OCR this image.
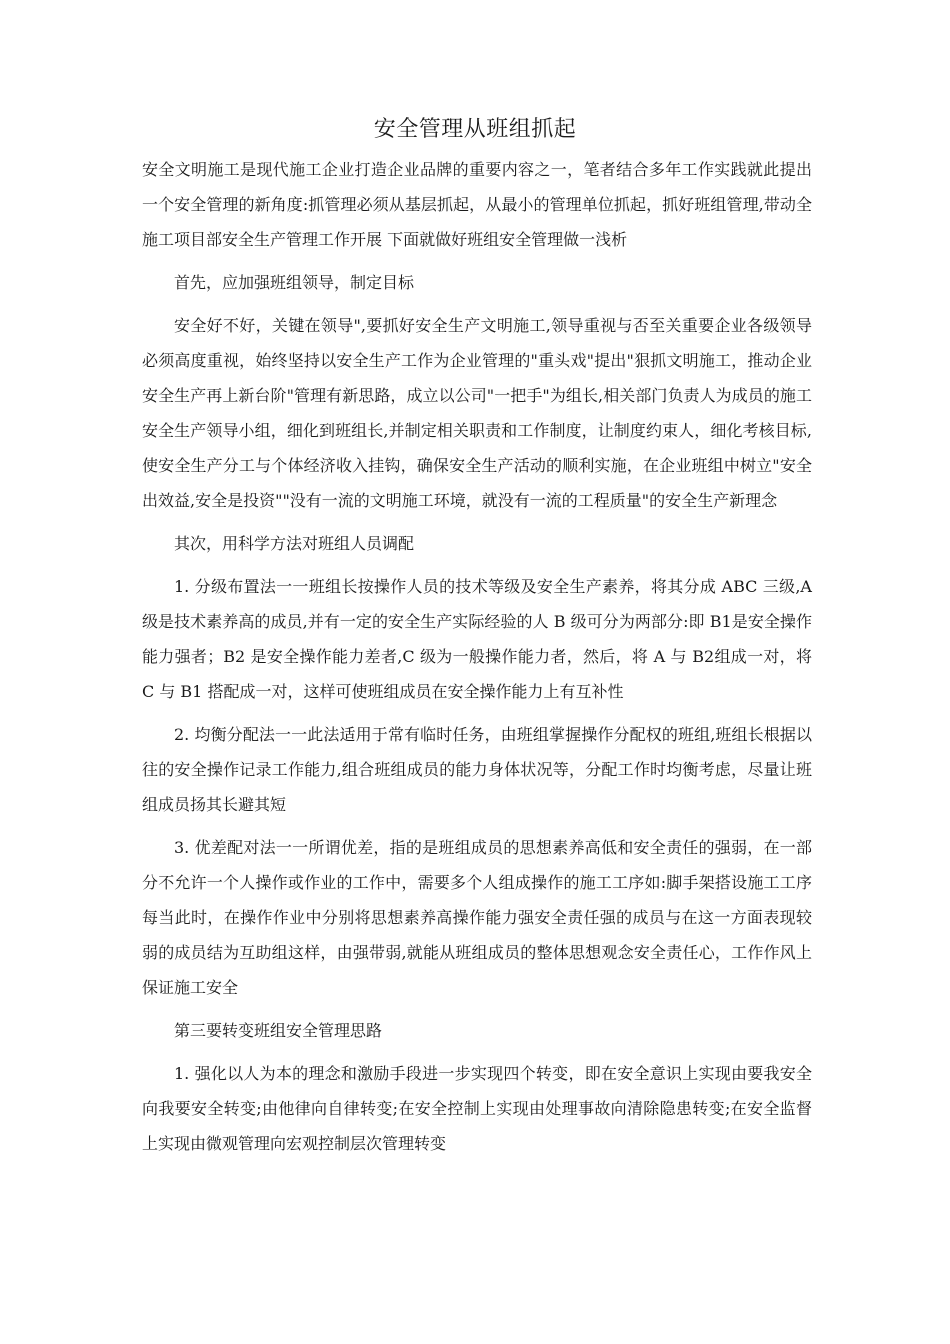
安全管理从班组抓起

安全文明施工是现代施工企业打造企业品牌的重要内容之一，笔者结合多年工作实践就此提出一个安全管理的新角度:抓管理必须从基层抓起，从最小的管理单位抓起，抓好班组管理,带动全施工项目部安全生产管理工作开展 下面就做好班组安全管理做一浅析

首先，应加强班组领导，制定目标

安全好不好，关键在领导",要抓好安全生产文明施工,领导重视与否至关重要企业各级领导必须高度重视，始终坚持以安全生产工作为企业管理的"重头戏"提出"狠抓文明施工，推动企业安全生产再上新台阶"管理有新思路，成立以公司"一把手"为组长,相关部门负责人为成员的施工安全生产领导小组，细化到班组长,并制定相关职责和工作制度，让制度约束人，细化考核目标,使安全生产分工与个体经济收入挂钩，确保安全生产活动的顺利实施，在企业班组中树立"安全出效益,安全是投资""没有一流的文明施工环境，就没有一流的工程质量"的安全生产新理念

其次，用科学方法对班组人员调配

1. 分级布置法一一班组长按操作人员的技术等级及安全生产素养，将其分成 ABC 三级,A 级是技术素养高的成员,并有一定的安全生产实际经验的人 B 级可分为两部分:即 B1是安全操作能力强者；B2 是安全操作能力差者,C 级为一般操作能力者，然后，将 A 与 B2组成一对，将 C 与 B1 搭配成一对，这样可使班组成员在安全操作能力上有互补性

2. 均衡分配法一一此法适用于常有临时任务，由班组掌握操作分配权的班组,班组长根据以往的安全操作记录工作能力,组合班组成员的能力身体状况等，分配工作时均衡考虑，尽量让班组成员扬其长避其短

3. 优差配对法一一所谓优差，指的是班组成员的思想素养高低和安全责任的强弱，在一部分不允许一个人操作或作业的工作中，需要多个人组成操作的施工工序如:脚手架搭设施工工序每当此时，在操作作业中分别将思想素养高操作能力强安全责任强的成员与在这一方面表现较弱的成员结为互助组这样，由强带弱,就能从班组成员的整体思想观念安全责任心，工作作风上保证施工安全

第三要转变班组安全管理思路

1. 强化以人为本的理念和激励手段进一步实现四个转变，即在安全意识上实现由要我安全向我要安全转变;由他律向自律转变;在安全控制上实现由处理事故向清除隐患转变;在安全监督上实现由微观管理向宏观控制层次管理转变
